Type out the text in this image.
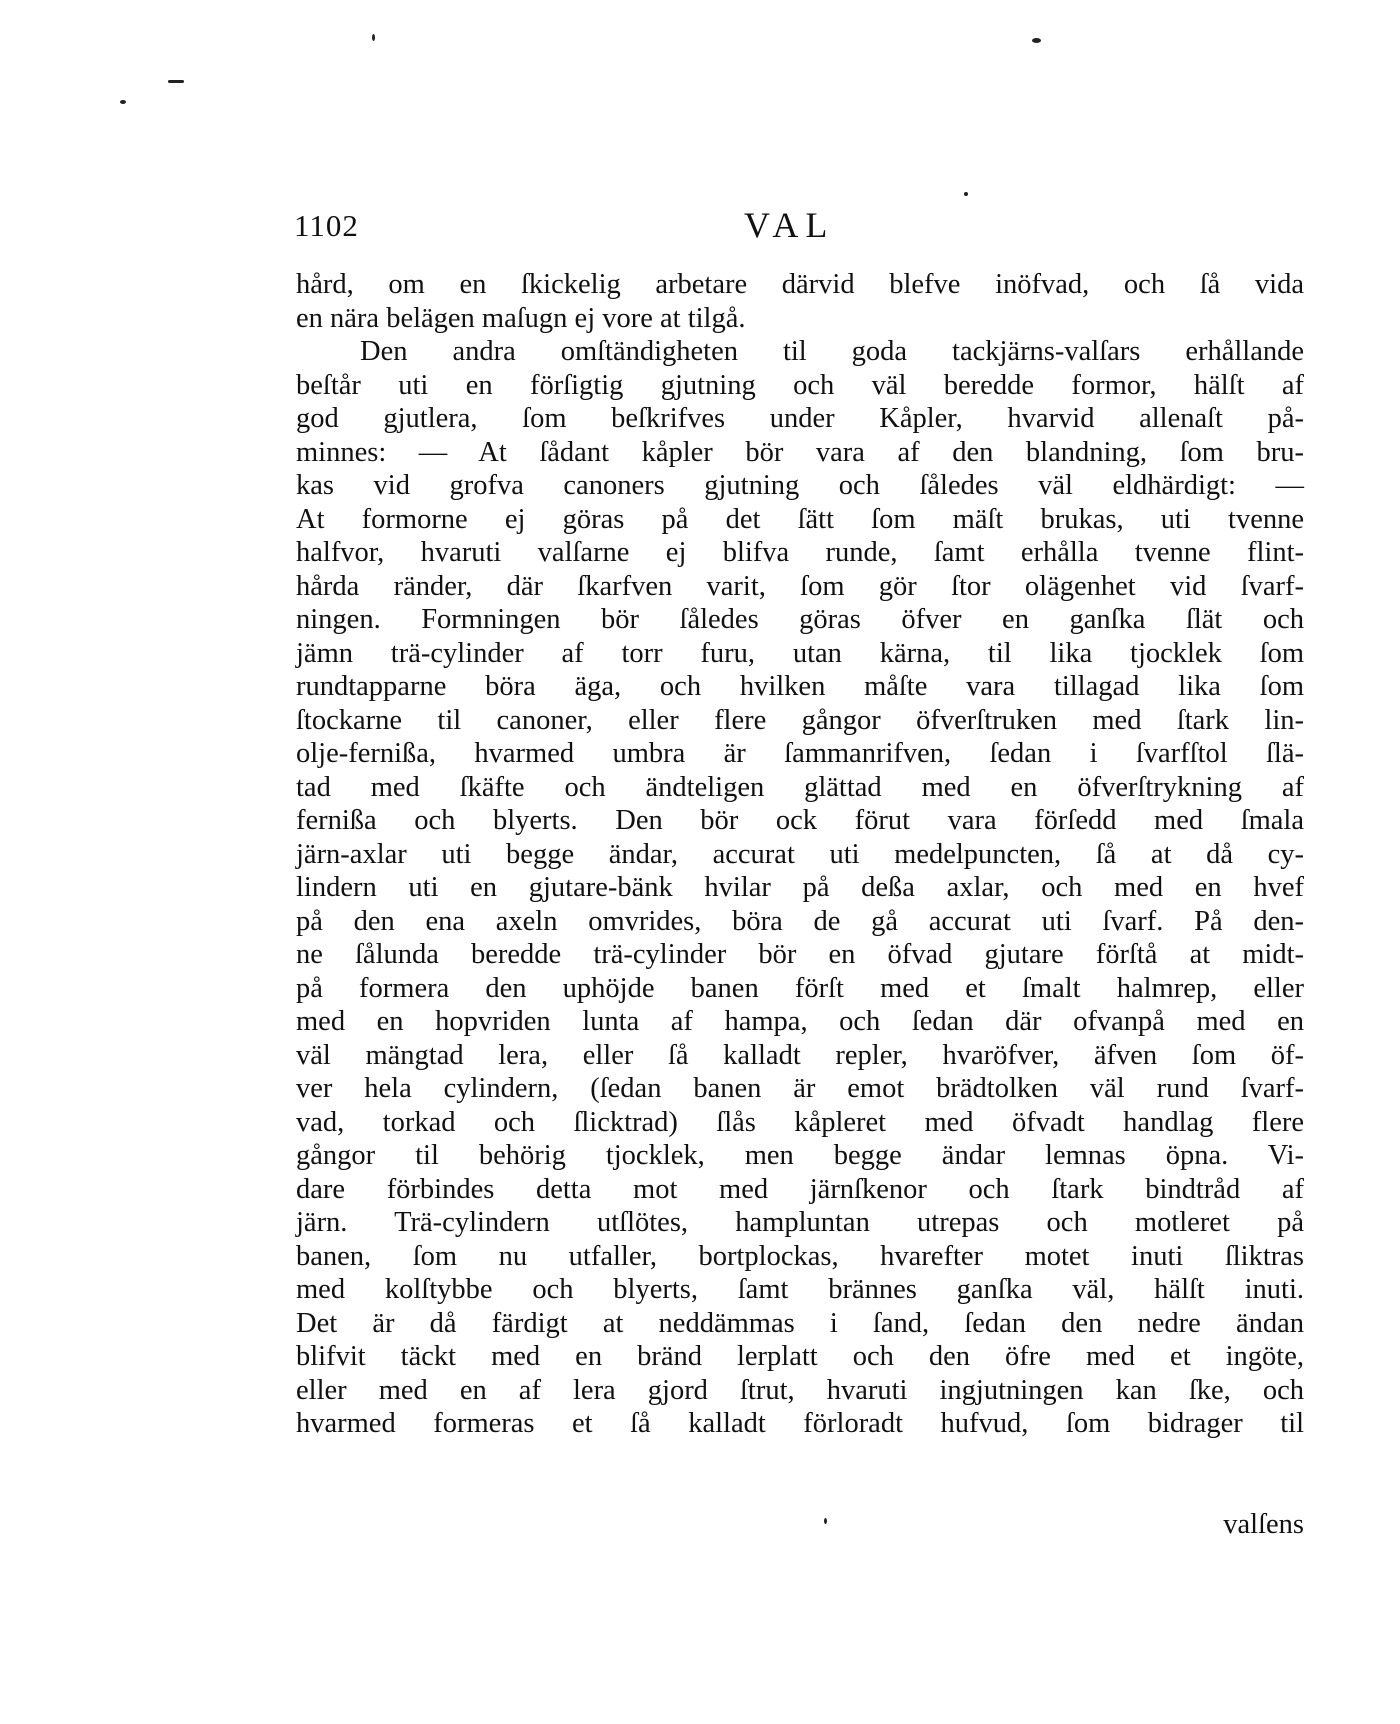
1102	VAL
hård, om en ſkickelig arbetare därvid blefve inöfvad, och ſå vida
en nära belägen maſugn ej vore at tilgå.
Den andra omſtändigheten til goda tackjärns-valſars erhållande
beſtår uti en förſigtig gjutning och väl beredde formor, hälſt af
god gjutlera, ſom beſkrifves under Kåpler, hvarvid allenaſt på-
minnes: — At ſådant kåpler bör vara af den blandning, ſom bru-
kas vid grofva canoners gjutning och ſåledes väl eldhärdigt: —
At formorne ej göras på det ſätt ſom mäſt brukas, uti tvenne
halfvor, hvaruti valſarne ej blifva runde, ſamt erhålla tvenne flint-
hårda ränder, där ſkarfven varit, ſom gör ſtor olägenhet vid ſvarf-
ningen. Formningen bör ſåledes göras öfver en ganſka ſlät och
jämn trä-cylinder af torr furu, utan kärna, til lika tjocklek ſom
rundtapparne böra äga, och hvilken måſte vara tillagad lika ſom
ſtockarne til canoner, eller flere gångor öfverſtruken med ſtark lin-
olje-fernißa, hvarmed umbra är ſammanrifven, ſedan i ſvarfſtol ſlä-
tad med ſkäfte och ändteligen glättad med en öfverſtrykning af
fernißa och blyerts. Den bör ock förut vara förſedd med ſmala
järn-axlar uti begge ändar, accurat uti medelpuncten, ſå at då cy-
lindern uti en gjutare-bänk hvilar på deßa axlar, och med en hvef
på den ena axeln omvrides, böra de gå accurat uti ſvarf. På den-
ne ſålunda beredde trä-cylinder bör en öfvad gjutare förſtå at midt-
på formera den uphöjde banen förſt med et ſmalt halmrep, eller
med en hopvriden lunta af hampa, och ſedan där ofvanpå med en
väl mängtad lera, eller ſå kalladt repler, hvaröfver, äfven ſom öf-
ver hela cylindern, (ſedan banen är emot brädtolken väl rund ſvarf-
vad, torkad och ſlicktrad) ſlås kåpleret med öfvadt handlag flere
gångor til behörig tjocklek, men begge ändar lemnas öpna. Vi-
dare förbindes detta mot med järnſkenor och ſtark bindtråd af
järn. Trä-cylindern utſlötes, hampluntan utrepas och motleret på
banen, ſom nu utfaller, bortplockas, hvarefter motet inuti ſliktras
med kolſtybbe och blyerts, ſamt brännes ganſka väl, hälſt inuti.
Det är då färdigt at neddämmas i ſand, ſedan den nedre ändan
blifvit täckt med en bränd lerplatt och den öfre med et ingöte,
eller med en af lera gjord ſtrut, hvaruti ingjutningen kan ſke, och
hvarmed formeras et ſå kalladt förloradt hufvud, ſom bidrager til
valſens
